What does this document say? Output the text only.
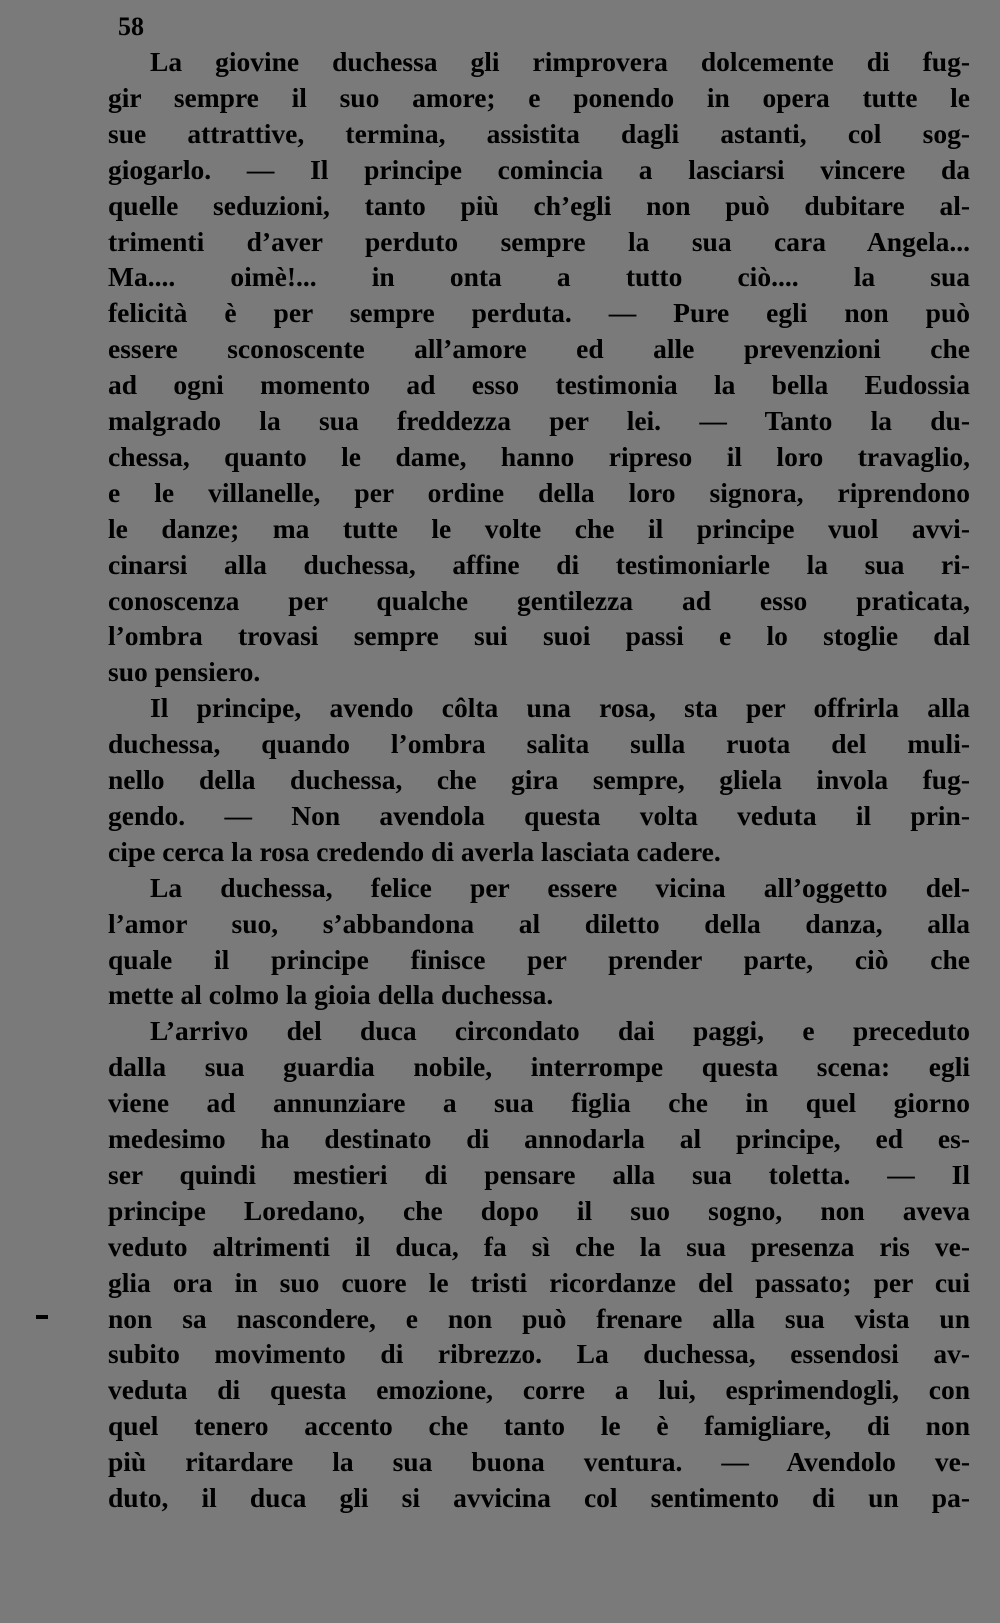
58
La giovine duchessa gli rimprovera dolcemente di fug-
gir sempre il suo amore; e ponendo in opera tutte le
sue attrattive, termina, assistita dagli astanti, col sog-
giogarlo. — Il principe comincia a lasciarsi vincere da
quelle seduzioni, tanto più ch’egli non può dubitare al-
trimenti d’aver perduto sempre la sua cara Angela...
Ma.... oimè!... in onta a tutto ciò.... la sua
felicità è per sempre perduta. — Pure egli non può
essere sconoscente all’amore ed alle prevenzioni che
ad ogni momento ad esso testimonia la bella Eudossia
malgrado la sua freddezza per lei. — Tanto la du-
chessa, quanto le dame, hanno ripreso il loro travaglio,
e le villanelle, per ordine della loro signora, riprendono
le danze; ma tutte le volte che il principe vuol avvi-
cinarsi alla duchessa, affine di testimoniarle la sua ri-
conoscenza per qualche gentilezza ad esso praticata,
l’ombra trovasi sempre sui suoi passi e lo stoglie dal
suo pensiero.
Il principe, avendo côlta una rosa, sta per offrirla alla
duchessa, quando l’ombra salita sulla ruota del muli-
nello della duchessa, che gira sempre, gliela invola fug-
gendo. — Non avendola questa volta veduta il prin-
cipe cerca la rosa credendo di averla lasciata cadere.
La duchessa, felice per essere vicina all’oggetto del-
l’amor suo, s’abbandona al diletto della danza, alla
quale il principe finisce per prender parte, ciò che
mette al colmo la gioia della duchessa.
L’arrivo del duca circondato dai paggi, e preceduto
dalla sua guardia nobile, interrompe questa scena: egli
viene ad annunziare a sua figlia che in quel giorno
medesimo ha destinato di annodarla al principe, ed es-
ser quindi mestieri di pensare alla sua toletta. — Il
principe Loredano, che dopo il suo sogno, non aveva
veduto altrimenti il duca, fa sì che la sua presenza ris ve-
glia ora in suo cuore le tristi ricordanze del passato; per cui
non sa nascondere, e non può frenare alla sua vista un
subito movimento di ribrezzo. La duchessa, essendosi av-
veduta di questa emozione, corre a lui, esprimendogli, con
quel tenero accento che tanto le è famigliare, di non
più ritardare la sua buona ventura. — Avendolo ve-
duto, il duca gli si avvicina col sentimento di un pa-
